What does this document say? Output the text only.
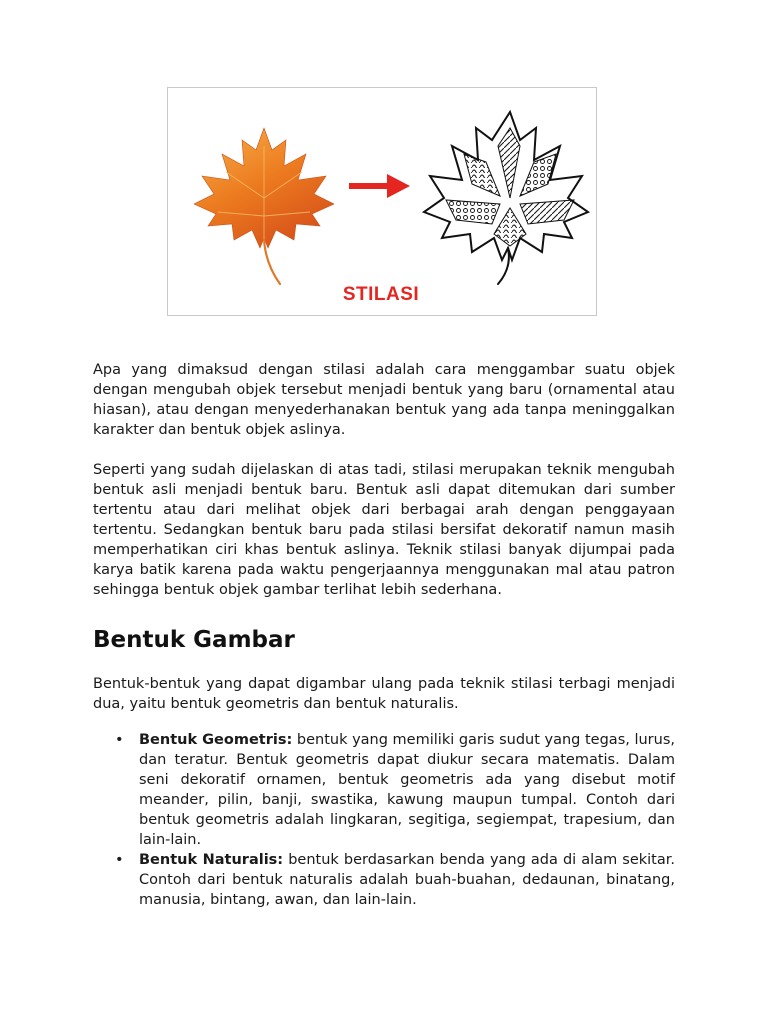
STILASI

Apa yang dimaksud dengan stilasi adalah cara menggambar suatu objek dengan mengubah objek tersebut menjadi bentuk yang baru (ornamental atau hiasan), atau dengan menyederhanakan bentuk yang ada tanpa meninggalkan karakter dan bentuk objek aslinya.

Seperti yang sudah dijelaskan di atas tadi, stilasi merupakan teknik mengubah bentuk asli menjadi bentuk baru. Bentuk asli dapat ditemukan dari sumber tertentu atau dari melihat objek dari berbagai arah dengan penggayaan tertentu. Sedangkan bentuk baru pada stilasi bersifat dekoratif namun masih memperhatikan ciri khas bentuk aslinya. Teknik stilasi banyak dijumpai pada karya batik karena pada waktu pengerjaannya menggunakan mal atau patron sehingga bentuk objek gambar terlihat lebih sederhana.

Bentuk Gambar

Bentuk-bentuk yang dapat digambar ulang pada teknik stilasi terbagi menjadi dua, yaitu bentuk geometris dan bentuk naturalis.

• Bentuk Geometris: bentuk yang memiliki garis sudut yang tegas, lurus, dan teratur. Bentuk geometris dapat diukur secara matematis. Dalam seni dekoratif ornamen, bentuk geometris ada yang disebut motif meander, pilin, banji, swastika, kawung maupun tumpal. Contoh dari bentuk geometris adalah lingkaran, segitiga, segiempat, trapesium, dan lain-lain.
• Bentuk Naturalis: bentuk berdasarkan benda yang ada di alam sekitar. Contoh dari bentuk naturalis adalah buah-buahan, dedaunan, binatang, manusia, bintang, awan, dan lain-lain.
